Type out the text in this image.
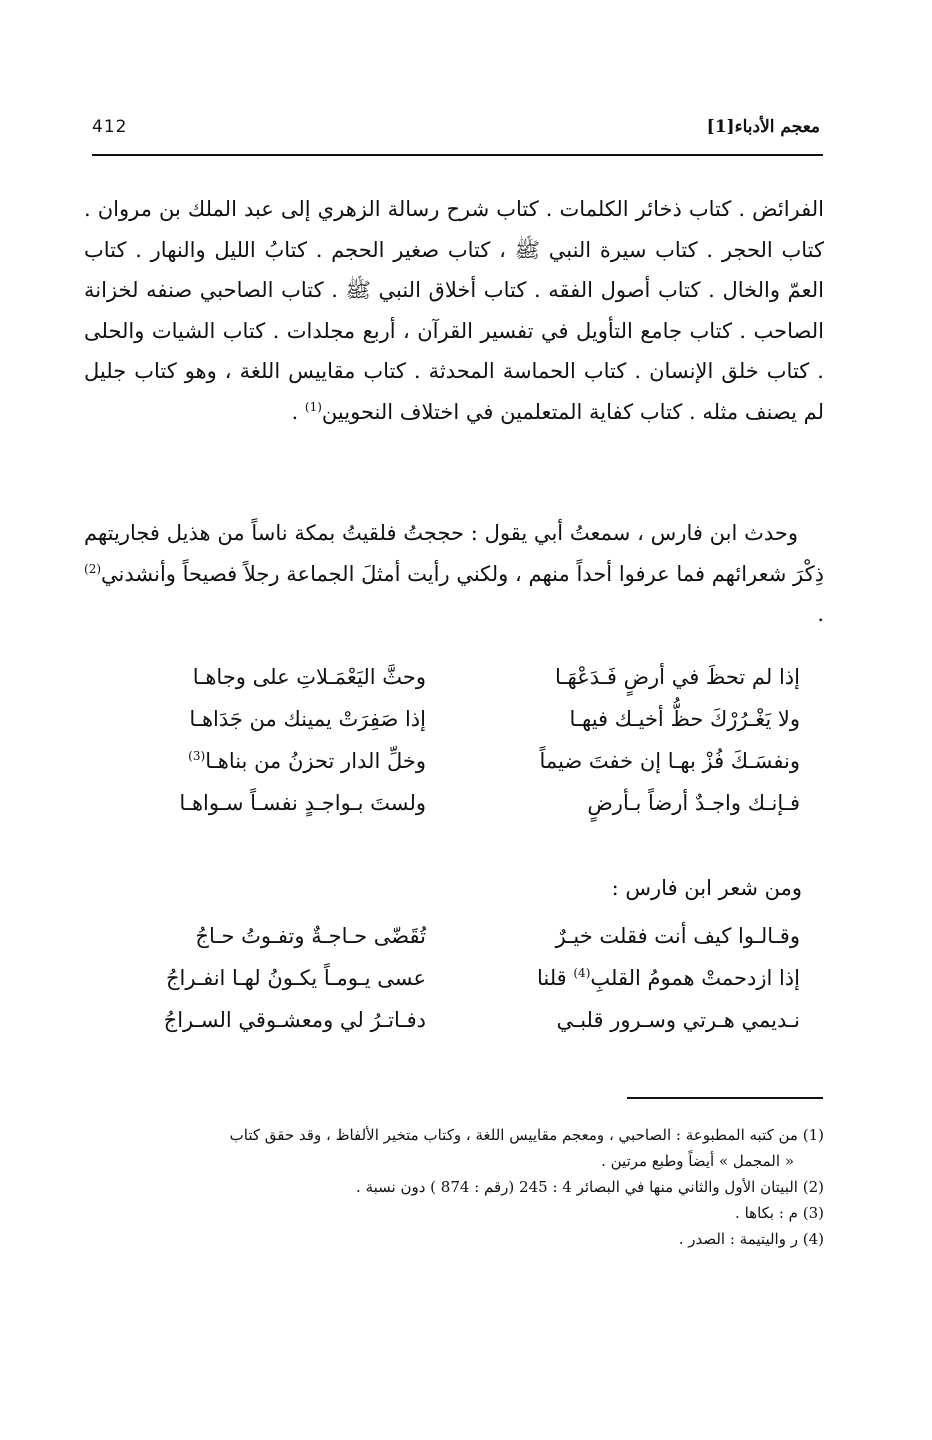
معجم الأدباء[1]
412
الفرائض . كتاب ذخائر الكلمات . كتاب شرح رسالة الزهري إلى عبد الملك بن مروان . كتاب الحجر . كتاب سيرة النبي ﷺ ، كتاب صغير الحجم . كتابُ الليل والنهار . كتاب العمّ والخال . كتاب أصول الفقه . كتاب أخلاق النبي ﷺ . كتاب الصاحبي صنفه لخزانة الصاحب . كتاب جامع التأويل في تفسير القرآن ، أربع مجلدات . كتاب الشيات والحلى . كتاب خلق الإنسان . كتاب الحماسة المحدثة . كتاب مقاييس اللغة ، وهو كتاب جليل لم يصنف مثله . كتاب كفاية المتعلمين في اختلاف النحويين$^{(1)}$ .
وحدث ابن فارس ، سمعتُ أبي يقول : حججتُ فلقيتُ بمكة ناساً من هذيل فجاريتهم ذِكْرَ شعرائهم فما عرفوا أحداً منهم ، ولكني رأيت أمثلَ الجماعة رجلاً فصيحاً وأنشدني$^{(2)}$ .
إذا لم تحظَ في أرضٍ فَـدَعْهَـا
وحثَّ اليَعْمَـلاتِ على وجاهـا
ولا يَغْـرُرْكَ حظُّ أخيـك فيهـا
إذا صَفِرَتْ يمينك من جَدَاهـا
ونفسَـكَ فُزْ بهـا إن خفتَ ضيماً
وخلِّ الدار تحزنُ من بناهـا$^{(3)}$
فـإنـك واجـدٌ أرضاً بـأرضٍ
ولستَ بـواجـدٍ نفسـاً سـواهـا
ومن شعر ابن فارس :
وقـالـوا كيف أنت فقلت خيـرٌ
تُقَضّى حـاجـةٌ وتفـوتُ حـاجُ
إذا ازدحمتْ همومُ القلبِ$^{(4)}$ قلنا
عسى يـومـاً يكـونُ لهـا انفـراجُ
نـديمي هـرتي وسـرور قلبـي
دفـاتـرُ لي ومعشـوقي السـراجُ
(1) من كتبه المطبوعة : الصاحبي ، ومعجم مقاييس اللغة ، وكتاب متخير الألفاظ ، وقد حقق كتاب
« المجمل » أيضاً وطبع مرتين .
(2) البيتان الأول والثاني منها في البصائر 4 : 245 (رقم : 874 ) دون نسبة .
(3) م : بكاها .
(4) ر واليتيمة : الصدر .
